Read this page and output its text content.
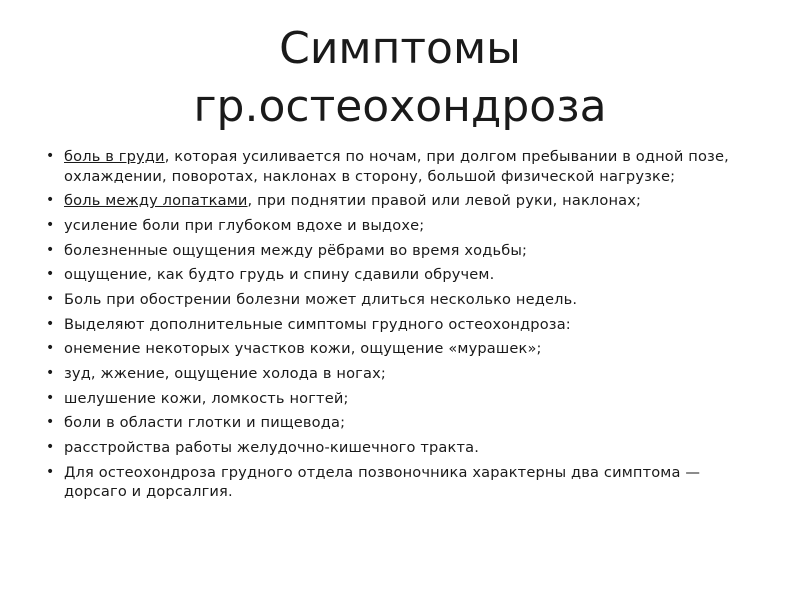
Симптомы
гр.остеохондроза
• боль в груди, которая усиливается по ночам, при долгом пребывании в одной позе, охлаждении, поворотах, наклонах в сторону, большой физической нагрузке;
• боль между лопатками, при поднятии правой или левой руки, наклонах;
• усиление боли при глубоком вдохе и выдохе;
• болезненные ощущения между рёбрами во время ходьбы;
• ощущение, как будто грудь и спину сдавили обручем.
• Боль при обострении болезни может длиться несколько недель.
• Выделяют дополнительные симптомы грудного остеохондроза:
• онемение некоторых участков кожи, ощущение «мурашек»;
• зуд, жжение, ощущение холода в ногах;
• шелушение кожи, ломкость ногтей;
• боли в области глотки и пищевода;
• расстройства работы желудочно-кишечного тракта.
• Для остеохондроза грудного отдела позвоночника характерны два симптома — дорсаго и дорсалгия.
